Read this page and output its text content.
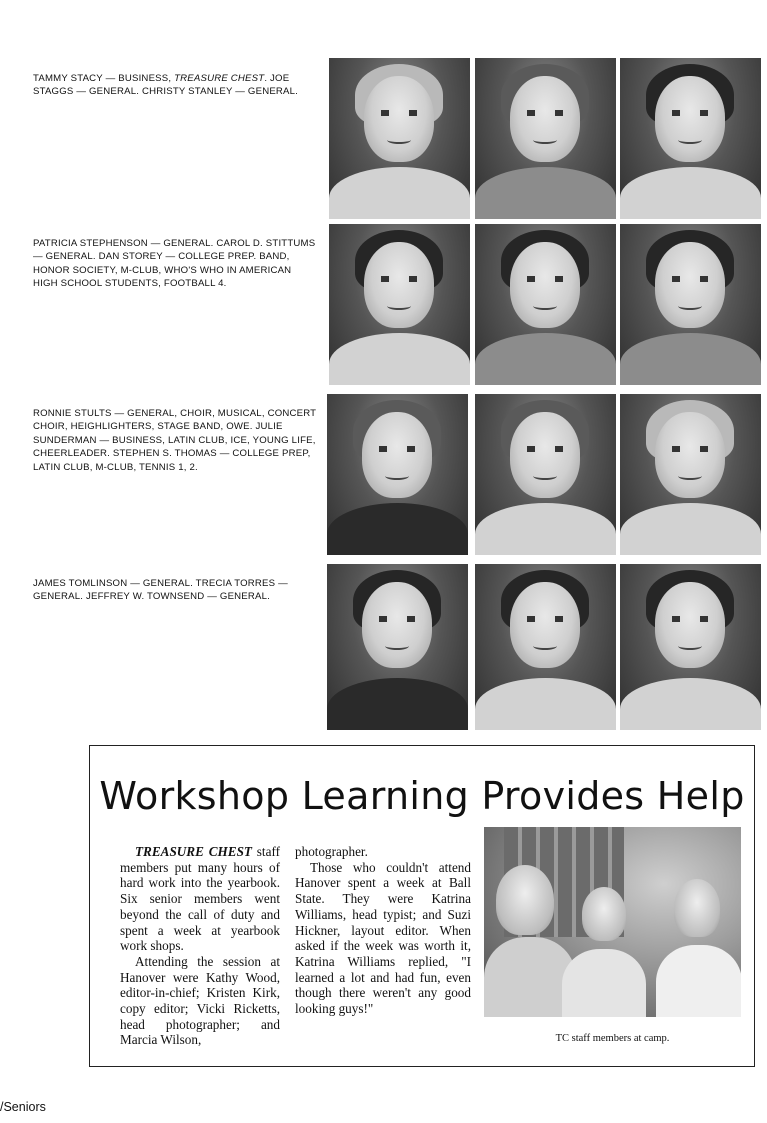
TAMMY STACY — BUSINESS, TREASURE CHEST. JOE STAGGS — GENERAL. CHRISTY STANLEY — GENERAL.
PATRICIA STEPHENSON — GENERAL. CAROL D. STITTUMS — GENERAL. DAN STOREY — COLLEGE PREP. BAND, HONOR SOCIETY, M-CLUB, WHO'S WHO IN AMERICAN HIGH SCHOOL STUDENTS, FOOTBALL 4.
RONNIE STULTS — GENERAL, CHOIR, MUSICAL, CONCERT CHOIR, HEIGHLIGHTERS, STAGE BAND, OWE. JULIE SUNDERMAN — BUSINESS, LATIN CLUB, ICE, YOUNG LIFE, CHEERLEADER. STEPHEN S. THOMAS — COLLEGE PREP, LATIN CLUB, M-CLUB, TENNIS 1, 2.
JAMES TOMLINSON — GENERAL. TRECIA TORRES — GENERAL. JEFFREY W. TOWNSEND — GENERAL.
Workshop Learning Provides Help

TREASURE CHEST staff members put many hours of hard work into the yearbook. Six senior members went beyond the call of duty and spent a week at yearbook work shops.

Attending the session at Hanover were Kathy Wood, editor-in-chief; Kristen Kirk, copy editor; Vicki Ricketts, head photographer; and Marcia Wilson,

photographer.

Those who couldn't attend Hanover spent a week at Ball State. They were Katrina Williams, head typist; and Suzi Hickner, layout editor. When asked if the week was worth it, Katrina Williams replied, "I learned a lot and had fun, even though there weren't any good looking guys!"

TC staff members at camp.
/Seniors
